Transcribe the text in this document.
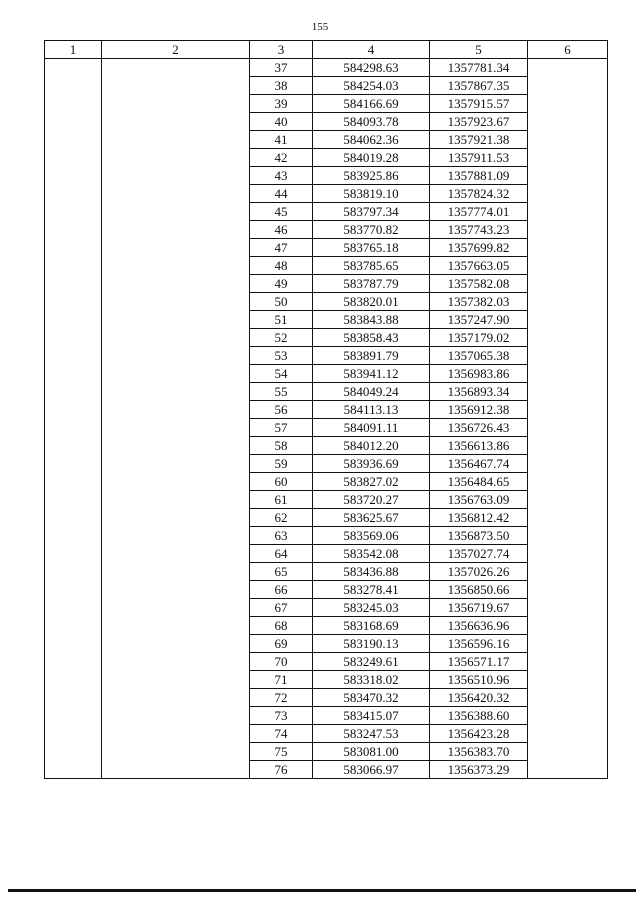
155
1	2	3	4	5	6
		37	584298.63	1357781.34	
		38	584254.03	1357867.35	
		39	584166.69	1357915.57	
		40	584093.78	1357923.67	
		41	584062.36	1357921.38	
		42	584019.28	1357911.53	
		43	583925.86	1357881.09	
		44	583819.10	1357824.32	
		45	583797.34	1357774.01	
		46	583770.82	1357743.23	
		47	583765.18	1357699.82	
		48	583785.65	1357663.05	
		49	583787.79	1357582.08	
		50	583820.01	1357382.03	
		51	583843.88	1357247.90	
		52	583858.43	1357179.02	
		53	583891.79	1357065.38	
		54	583941.12	1356983.86	
		55	584049.24	1356893.34	
		56	584113.13	1356912.38	
		57	584091.11	1356726.43	
		58	584012.20	1356613.86	
		59	583936.69	1356467.74	
		60	583827.02	1356484.65	
		61	583720.27	1356763.09	
		62	583625.67	1356812.42	
		63	583569.06	1356873.50	
		64	583542.08	1357027.74	
		65	583436.88	1357026.26	
		66	583278.41	1356850.66	
		67	583245.03	1356719.67	
		68	583168.69	1356636.96	
		69	583190.13	1356596.16	
		70	583249.61	1356571.17	
		71	583318.02	1356510.96	
		72	583470.32	1356420.32	
		73	583415.07	1356388.60	
		74	583247.53	1356423.28	
		75	583081.00	1356383.70	
		76	583066.97	1356373.29	
